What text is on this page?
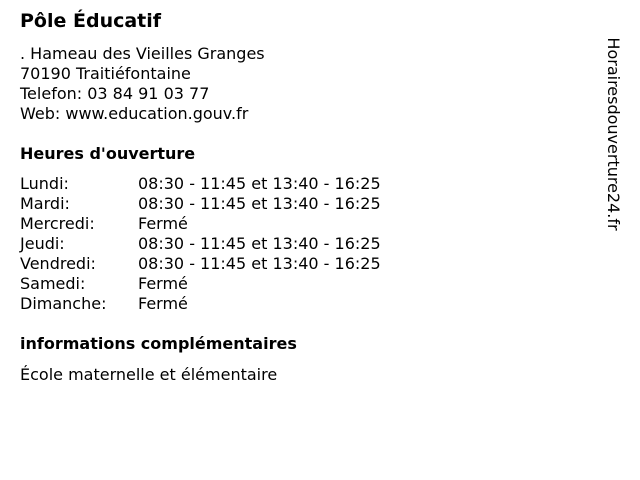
Pôle Éducatif
. Hameau des Vieilles Granges
70190 Traitiéfontaine
Telefon: 03 84 91 03 77
Web: www.education.gouv.fr
Heures d'ouverture
Lundi:	08:30 - 11:45 et 13:40 - 16:25
Mardi:	08:30 - 11:45 et 13:40 - 16:25
Mercredi:	Fermé
Jeudi:	08:30 - 11:45 et 13:40 - 16:25
Vendredi:	08:30 - 11:45 et 13:40 - 16:25
Samedi:	Fermé
Dimanche:	Fermé
informations complémentaires
École maternelle et élémentaire
Horairesdouverture24.fr
